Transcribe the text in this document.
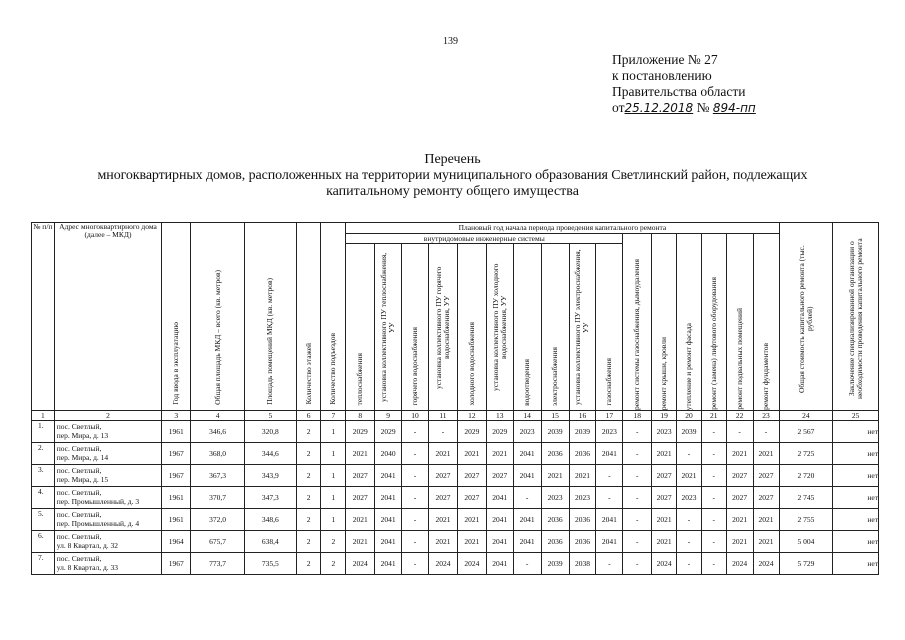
139
Приложение № 27
к постановлению
Правительства области
от25.12.2018 № 894-пп
Перечень
многоквартирных домов, расположенных на территории муниципального образования Светлинский район, подлежащих
капитальному ремонту общего имущества
№ п/п	Адрес многоквартирного дома (далее – МКД)	Год ввода в эксплуатацию	Общая площадь МКД – всего (кв. метров)	Площадь помещений МКД (кв. метров)	Количество этажей	Количество подъездов	Плановый год начала периода проведения капитального ремонта																Общая стоимость капитального ремонта (тыс. рублей)	Заключение специализированной организации о необходимости проведения капитального ремонта

							внутридомовые инженерные системы										ремонт системы газоснабжения, дымоудаления	ремонт крыши, кровли	утепление и ремонт фасада	ремонт (замена) лифтового оборудования	ремонт подвальных помещений	ремонт фундаментов		

							теплоснабжения	установка коллективного ПУ теплоснабжения, УУ	горячего водоснабжения	установка коллективного ПУ горячего водоснабжения, УУ	холодного водоснабжения	установка коллективного ПУ холодного водоснабжения, УУ	водоотведения	электроснабжения	установка коллективного ПУ электроснабжения, УУ	газоснабжения								

1	2	3	4	5	6	7	8	9	10	11	12	13	14	15	16	17	18	19	20	21	22	23	24	25
1.	пос. Светлый,
пер. Мира, д. 13	1961	346,6	320,8	2	1	2029	2029	-	-	2029	2029	2023	2039	2039	2023	-	2023	2039	-	-	-	2 567	нет
2.	пос. Светлый,
пер. Мира, д. 14	1967	368,0	344,6	2	1	2021	2040	-	2021	2021	2021	2041	2036	2036	2041	-	2021	-	-	2021	2021	2 725	нет
3.	пос. Светлый,
пер. Мира, д. 15	1967	367,3	343,9	2	1	2027	2041	-	2027	2027	2027	2041	2021	2021	-	-	2027	2021	-	2027	2027	2 720	нет
4.	пос. Светлый,
пер. Промышленный, д. 3	1961	370,7	347,3	2	1	2027	2041	-	2027	2027	2041	-	2023	2023	-	-	2027	2023	-	2027	2027	2 745	нет
5.	пос. Светлый,
пер. Промышленный, д. 4	1961	372,0	348,6	2	1	2021	2041	-	2021	2021	2041	2041	2036	2036	2041	-	2021	-	-	2021	2021	2 755	нет
6.	пос. Светлый,
ул. 8 Квартал, д. 32	1964	675,7	638,4	2	2	2021	2041	-	2021	2021	2041	2041	2036	2036	2041	-	2021	-	-	2021	2021	5 004	нет
7.	пос. Светлый,
ул. 8 Квартал, д. 33	1967	773,7	735,5	2	2	2024	2041	-	2024	2024	2041	-	2039	2038	-	-	2024	-	-	2024	2024	5 729	нет
